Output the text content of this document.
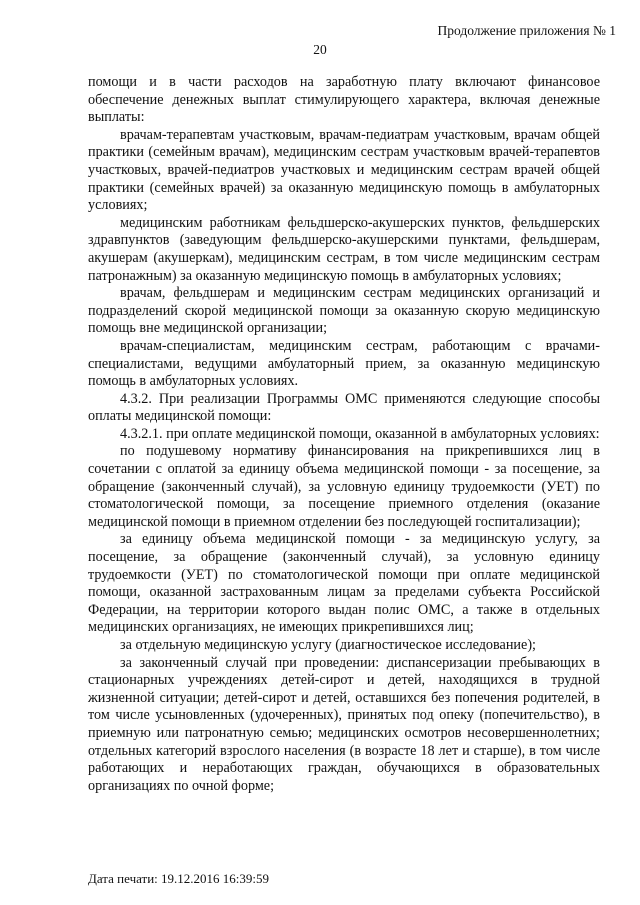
Продолжение приложения № 1
20

помощи и в части расходов на заработную плату включают финансовое обеспечение денежных выплат стимулирующего характера, включая денежные выплаты:

врачам-терапевтам участковым, врачам-педиатрам участковым, врачам общей практики (семейным врачам), медицинским сестрам участковым врачей-терапевтов участковых, врачей-педиатров участковых и медицинским сестрам врачей общей практики (семейных врачей) за оказанную медицинскую помощь в амбулаторных условиях;

медицинским работникам фельдшерско-акушерских пунктов, фельдшерских здравпунктов (заведующим фельдшерско-акушерскими пунктами, фельдшерам, акушерам (акушеркам), медицинским сестрам, в том числе медицинским сестрам патронажным) за оказанную медицинскую помощь в амбулаторных условиях;

врачам, фельдшерам и медицинским сестрам медицинских организаций и подразделений скорой медицинской помощи за оказанную скорую медицинскую помощь вне медицинской организации;

врачам-специалистам, медицинским сестрам, работающим с врачами-специалистами, ведущими амбулаторный прием, за оказанную медицинскую помощь в амбулаторных условиях.

4.3.2. При реализации Программы ОМС применяются следующие способы оплаты медицинской помощи:

4.3.2.1. при оплате медицинской помощи, оказанной в амбулаторных условиях:

по подушевому нормативу финансирования на прикрепившихся лиц в сочетании с оплатой за единицу объема медицинской помощи - за посещение, за обращение (законченный случай), за условную единицу трудоемкости (УЕТ) по стоматологической помощи, за посещение приемного отделения (оказание медицинской помощи в приемном отделении без последующей госпитализации);

за единицу объема медицинской помощи - за медицинскую услугу, за посещение, за обращение (законченный случай), за условную единицу трудоемкости (УЕТ) по стоматологической помощи при оплате медицинской помощи, оказанной застрахованным лицам за пределами субъекта Российской Федерации, на территории которого выдан полис ОМС, а также в отдельных медицинских организациях, не имеющих прикрепившихся лиц;

за отдельную медицинскую услугу (диагностическое исследование);

за законченный случай при проведении: диспансеризации пребывающих в стационарных учреждениях детей-сирот и детей, находящихся в трудной жизненной ситуации; детей-сирот и детей, оставшихся без попечения родителей, в том числе усыновленных (удочеренных), принятых под опеку (попечительство), в приемную или патронатную семью; медицинских осмотров несовершеннолетних; отдельных категорий взрослого населения (в возрасте 18 лет и старше), в том числе работающих и неработающих граждан, обучающихся в образовательных организациях по очной форме;

Дата печати: 19.12.2016 16:39:59
